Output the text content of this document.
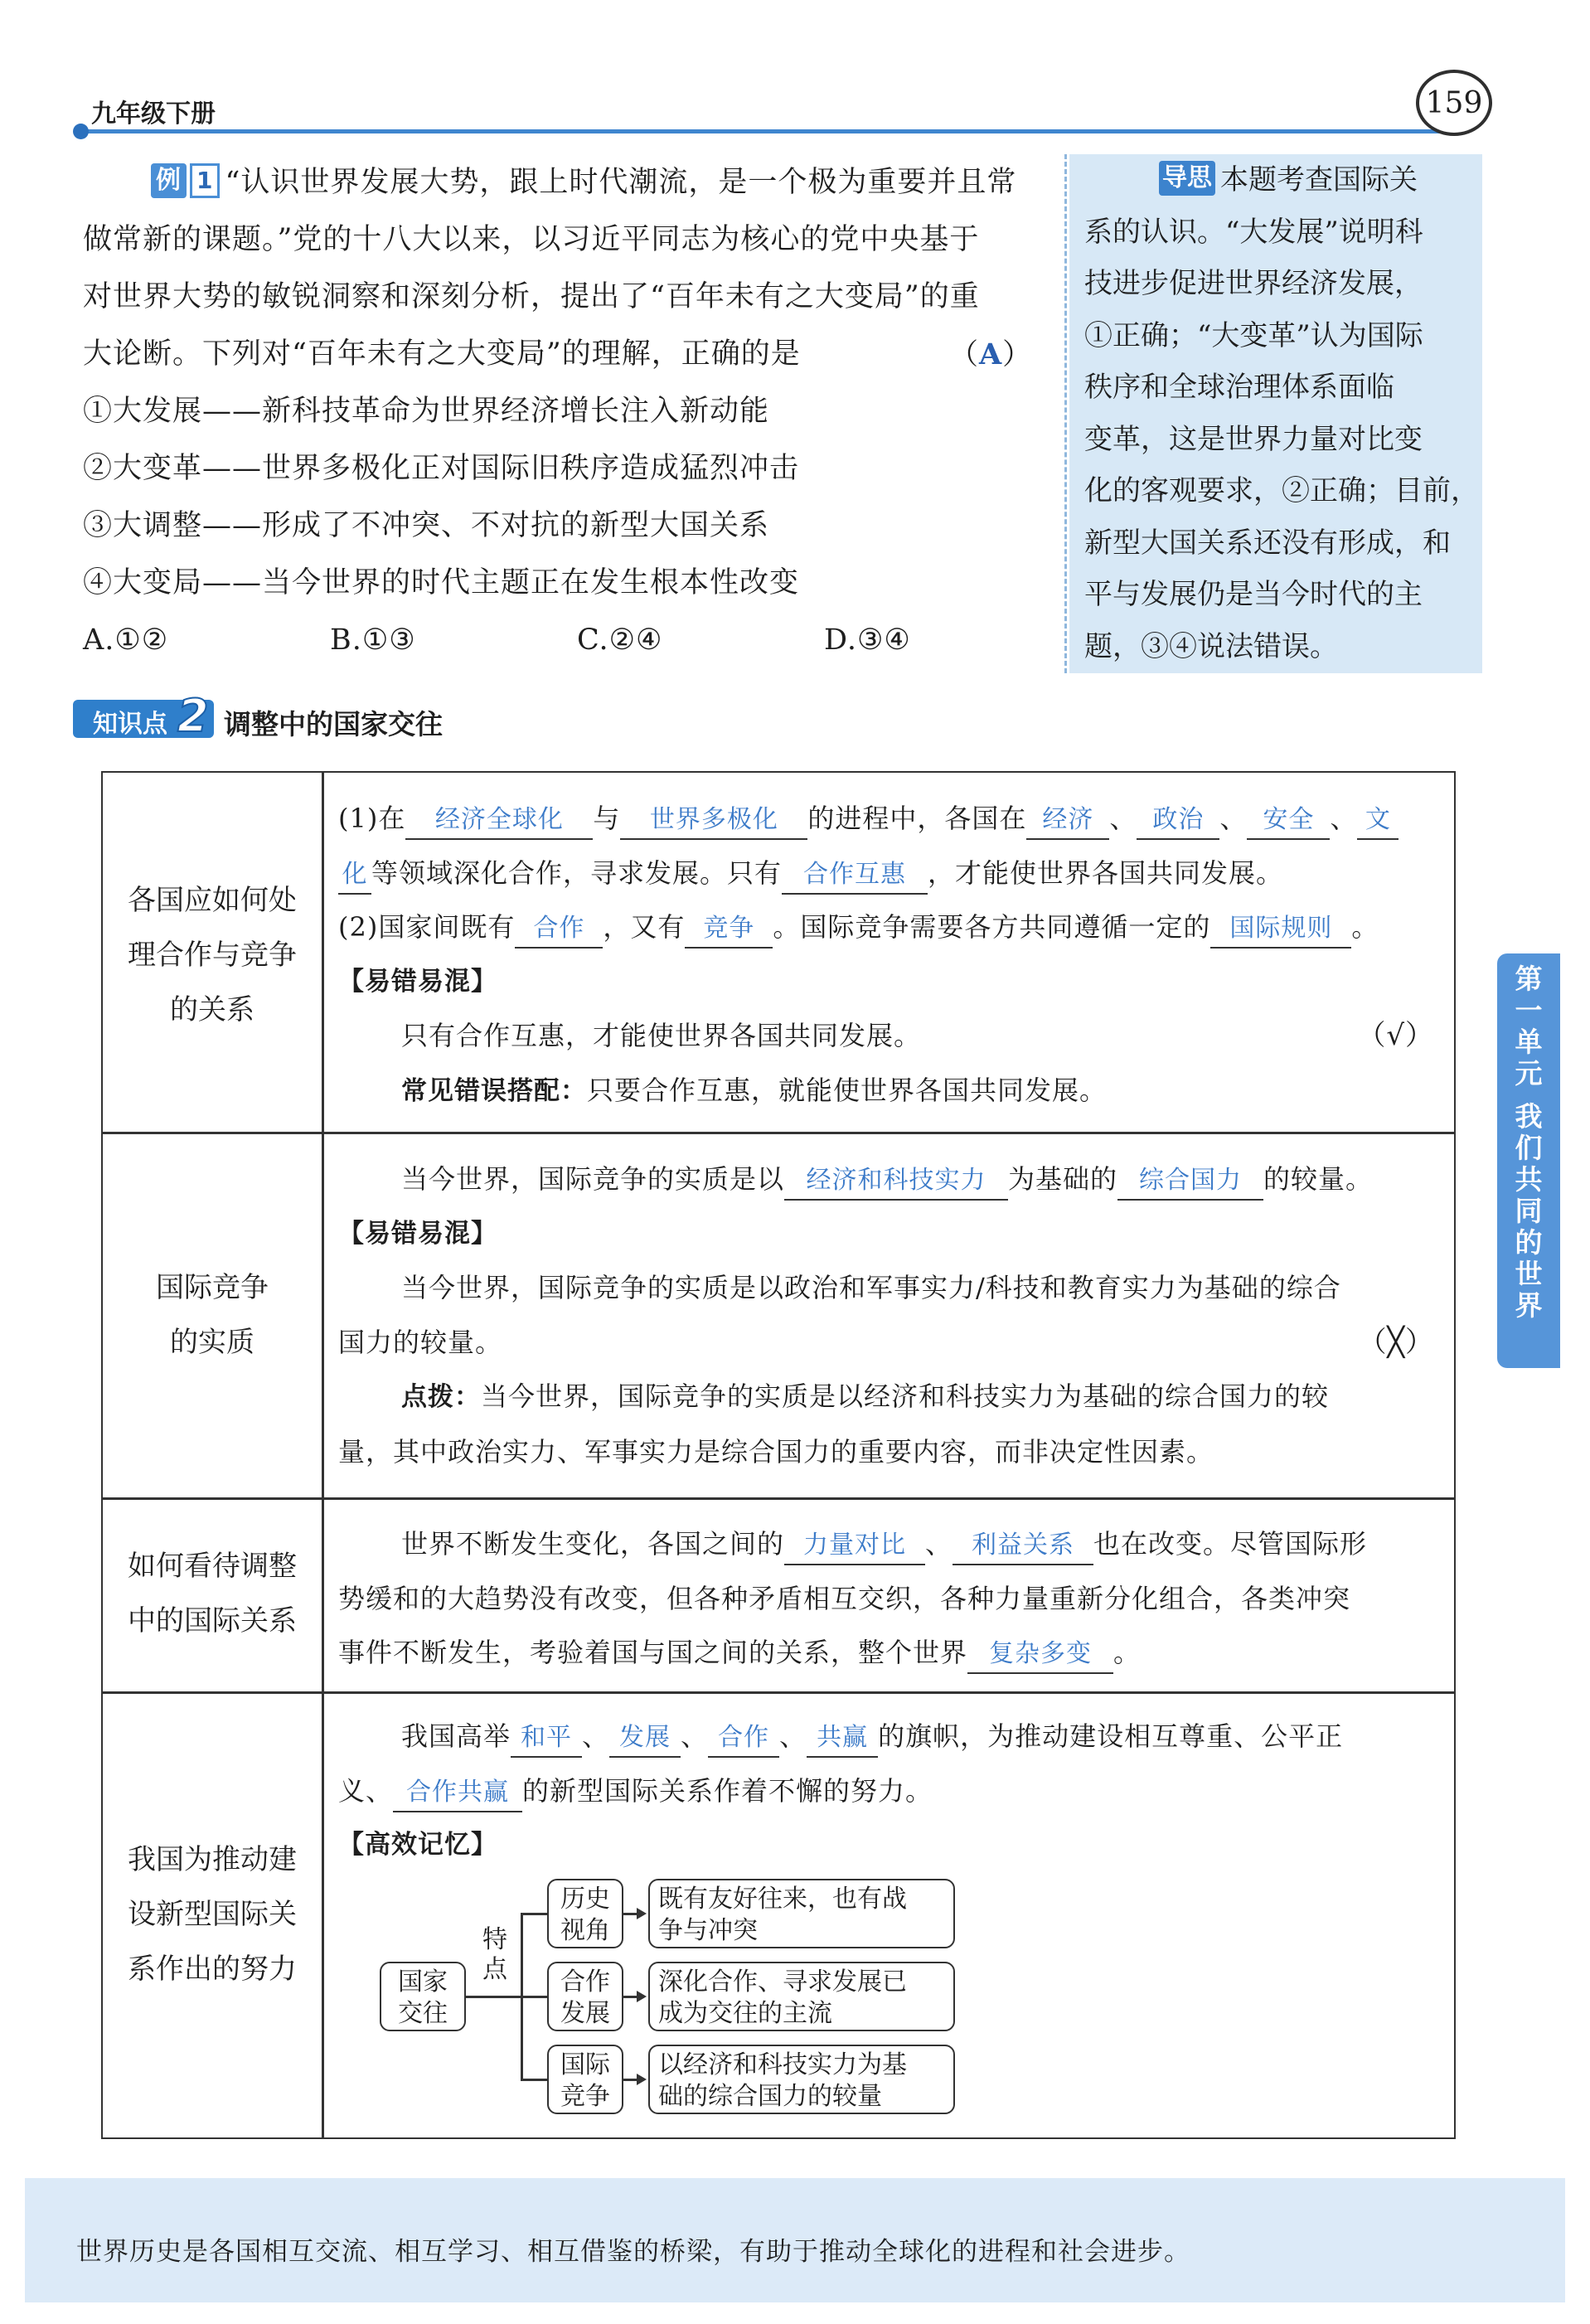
九年级下册	159
例 1 “认识世界发展大势，跟上时代潮流，是一个极为重要并且常
做常新的课题。”党的十八大以来，以习近平同志为核心的党中央基于
对世界大势的敏锐洞察和深刻分析，提出了“百年未有之大变局”的重
大论断。下列对“百年未有之大变局”的理解，正确的是	（A）
①大发展——新科技革命为世界经济增长注入新动能
②大变革——世界多极化正对国际旧秩序造成猛烈冲击
③大调整——形成了不冲突、不对抗的新型大国关系
④大变局——当今世界的时代主题正在发生根本性改变
A.①②	B.①③	C.②④	D.③④
导思 本题考查国际关
系的认识。“大发展”说明科
技进步促进世界经济发展，
①正确；“大变革”认为国际
秩序和全球治理体系面临
变革，这是世界力量对比变
化的客观要求，②正确；目前，
新型大国关系还没有形成，和
平与发展仍是当今时代的主
题，③④说法错误。
知识点 2 调整中的国家交往
各国应如何处
理合作与竞争
的关系
(1)在 经济全球化 与 世界多极化 的进程中，各国在 经济 、 政治 、 安全 、 文
化 等领域深化合作，寻求发展。只有 合作互惠 ，才能使世界各国共同发展。
(2)国家间既有 合作 ，又有 竞争 。国际竞争需要各方共同遵循一定的 国际规则 。
【易错易混】
只有合作互惠，才能使世界各国共同发展。	（√）
常见错误搭配：只要合作互惠，就能使世界各国共同发展。
国际竞争
的实质
当今世界，国际竞争的实质是以 经济和科技实力 为基础的 综合国力 的较量。
【易错易混】
当今世界，国际竞争的实质是以政治和军事实力/科技和教育实力为基础的综合
国力的较量。	（╳）
点拨：当今世界，国际竞争的实质是以经济和科技实力为基础的综合国力的较
量，其中政治实力、军事实力是综合国力的重要内容，而非决定性因素。
如何看待调整
中的国际关系
世界不断发生变化，各国之间的 力量对比 、 利益关系 也在改变。尽管国际形
势缓和的大趋势没有改变，但各种矛盾相互交织，各种力量重新分化组合，各类冲突
事件不断发生，考验着国与国之间的关系，整个世界 复杂多变 。
我国为推动建
设新型国际关
系作出的努力
我国高举 和平 、 发展 、 合作 、 共赢 的旗帜，为推动建设相互尊重、公平正
义、 合作共赢 的新型国际关系作着不懈的努力。
【高效记忆】
国家
交往
特点
历史
视角
合作
发展
国际
竞争
既有友好往来，也有战
争与冲突
深化合作、寻求发展已
成为交往的主流
以经济和科技实力为基
础的综合国力的较量
第
一
单
元
我
们
共
同
的
世
界
世界历史是各国相互交流、相互学习、相互借鉴的桥梁，有助于推动全球化的进程和社会进步。
